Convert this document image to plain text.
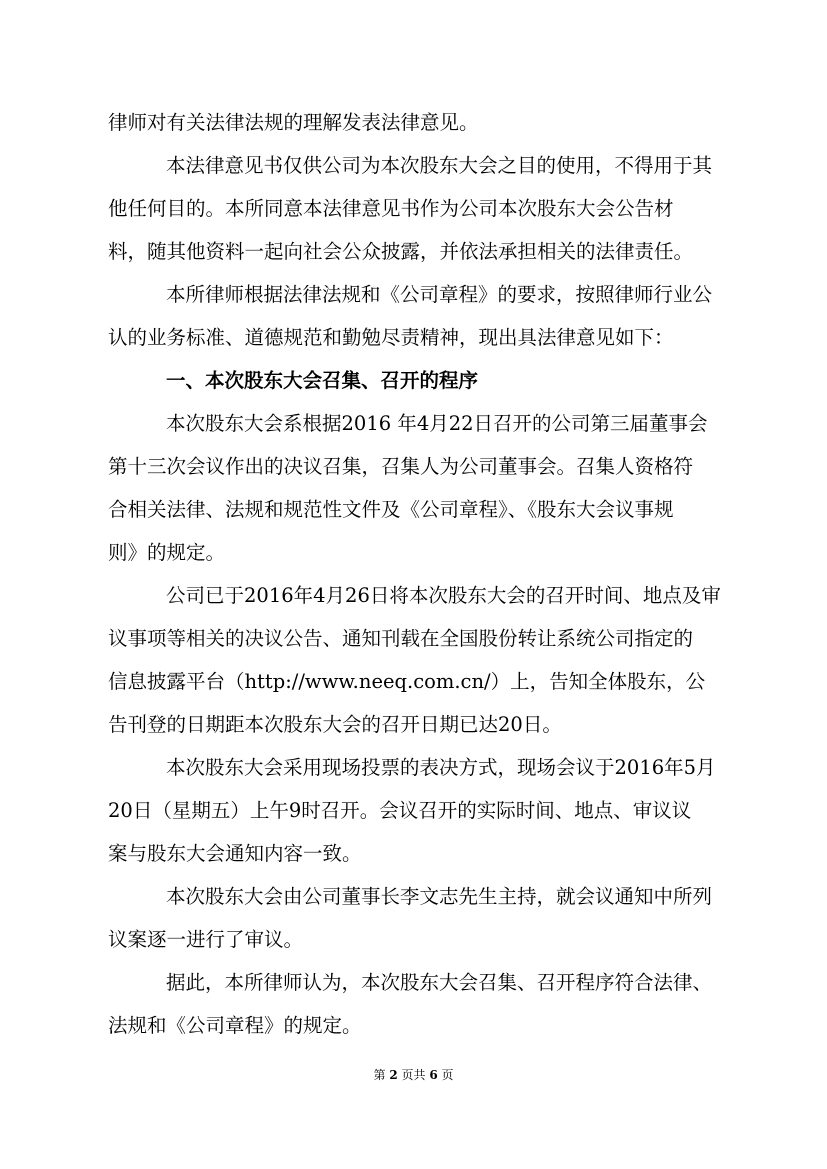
律师对有关法律法规的理解发表法律意见。
本法律意见书仅供公司为本次股东大会之目的使用，不得用于其
他任何目的。本所同意本法律意见书作为公司本次股东大会公告材
料，随其他资料一起向社会公众披露，并依法承担相关的法律责任。
本所律师根据法律法规和《公司章程》的要求，按照律师行业公
认的业务标准、道德规范和勤勉尽责精神，现出具法律意见如下：
一、本次股东大会召集、召开的程序
本次股东大会系根据2016 年4月22日召开的公司第三届董事会
第十三次会议作出的决议召集，召集人为公司董事会。召集人资格符
合相关法律、法规和规范性文件及《公司章程》、《股东大会议事规
则》的规定。
公司已于2016年4月26日将本次股东大会的召开时间、地点及审
议事项等相关的决议公告、通知刊载在全国股份转让系统公司指定的
信息披露平台（http://www.neeq.com.cn/）上，告知全体股东，公
告刊登的日期距本次股东大会的召开日期已达20日。
本次股东大会采用现场投票的表决方式，现场会议于2016年5月
20日（星期五）上午9时召开。会议召开的实际时间、地点、审议议
案与股东大会通知内容一致。
本次股东大会由公司董事长李文志先生主持，就会议通知中所列
议案逐一进行了审议。
据此，本所律师认为，本次股东大会召集、召开程序符合法律、
法规和《公司章程》的规定。
第 2 页共 6 页
